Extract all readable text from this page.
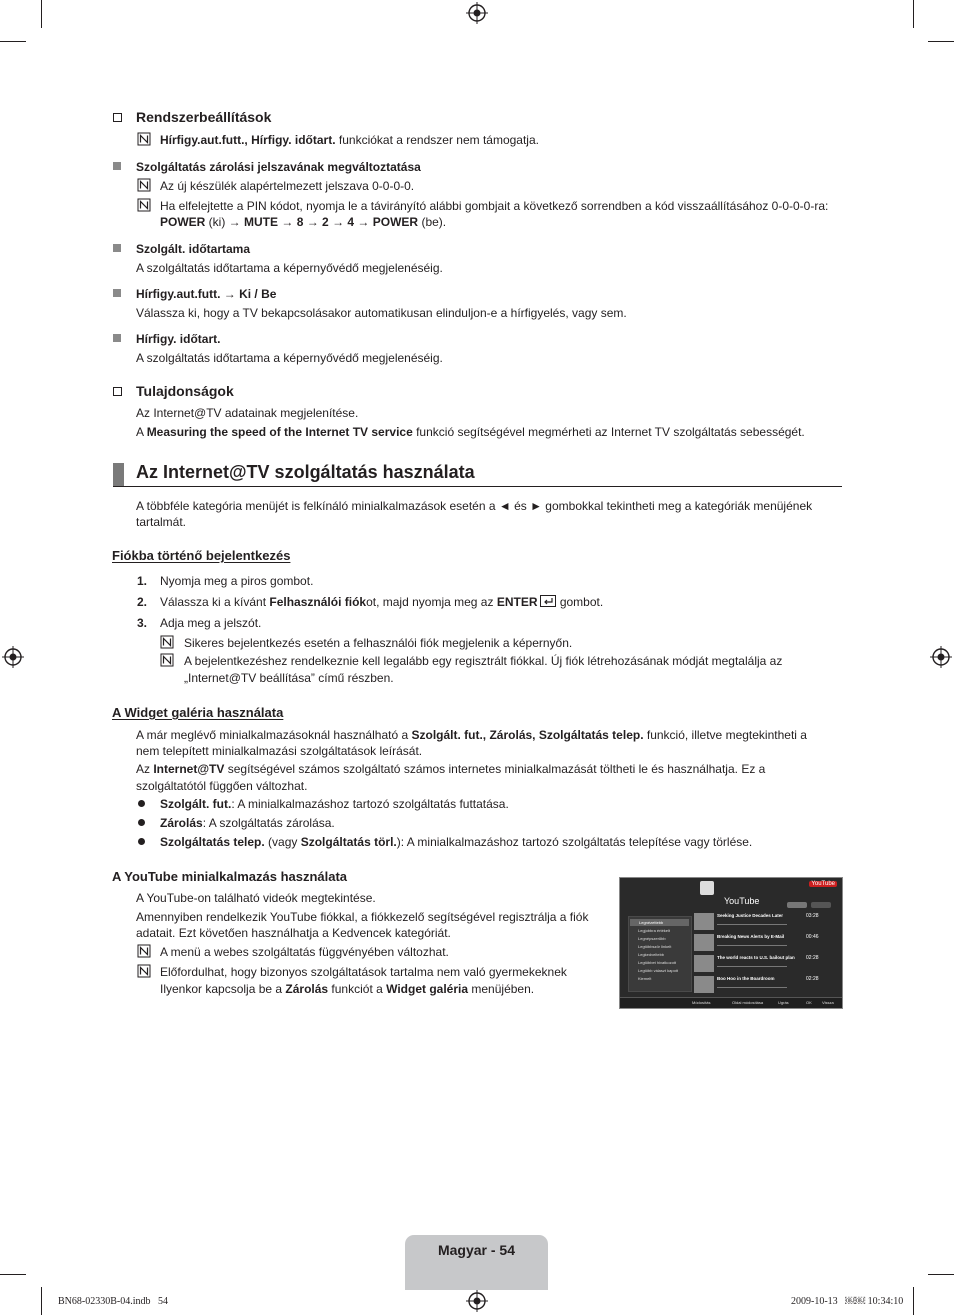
Rendszerbeállítások
Hírfigy.aut.futt., Hírfigy. időtart. funkciókat a rendszer nem támogatja.
Szolgáltatás zárolási jelszavának megváltoztatása
Az új készülék alapértelmezett jelszava 0-0-0-0.
Ha elfelejtette a PIN kódot, nyomja le a távirányító alábbi gombjait a következő sorrendben a kód visszaállításához 0-0-0-0-ra:
POWER (ki) → MUTE → 8 → 2 → 4 → POWER (be).
Szolgált. időtartama
A szolgáltatás időtartama a képernyővédő megjelenéséig.
Hírfigy.aut.futt. → Ki / Be
Válassza ki, hogy a TV bekapcsolásakor automatikusan elinduljon-e a hírfigyelés, vagy sem.
Hírfigy. időtart.
A szolgáltatás időtartama a képernyővédő megjelenéséig.
Tulajdonságok
Az Internet@TV adatainak megjelenítése.
A Measuring the speed of the Internet TV service funkció segítségével megmérheti az Internet TV szolgáltatás sebességét.
Az Internet@TV szolgáltatás használata
A többféle kategória menüjét is felkínáló minialkalmazások esetén a ◄ és ► gombokkal tekintheti meg a kategóriák menüjének
tartalmát.
Fiókba történő bejelentkezés
1. Nyomja meg a piros gombot.
2. Válassza ki a kívánt Felhasználói fiókot, majd nyomja meg az ENTER gombot.
3. Adja meg a jelszót.
Sikeres bejelentkezés esetén a felhasználói fiók megjelenik a képernyőn.
A bejelentkezéshez rendelkeznie kell legalább egy regisztrált fiókkal. Új fiók létrehozásának módját megtalálja az
„Internet@TV beállítása” című részben.
A Widget galéria használata
A már meglévő minialkalmazásoknál használható a Szolgált. fut., Zárolás, Szolgáltatás telep. funkció, illetve megtekintheti a
nem telepített minialkalmazási szolgáltatások leírását.
Az Internet@TV segítségével számos szolgáltató számos internetes minialkalmazását töltheti le és használhatja. Ez a
szolgáltatótól függően változhat.
Szolgált. fut.: A minialkalmazáshoz tartozó szolgáltatás futtatása.
Zárolás: A szolgáltatás zárolása.
Szolgáltatás telep. (vagy Szolgáltatás törl.): A minialkalmazáshoz tartozó szolgáltatás telepítése vagy törlése.
A YouTube minialkalmazás használata
A YouTube-on található videók megtekintése.
Amennyiben rendelkezik YouTube fiókkal, a fiókkezelő segítségével regisztrálja a fiók
adatait. Ezt követően használhatja a Kedvencek kategóriát.
A menü a webes szolgáltatás függvényében változhat.
Előfordulhat, hogy bizonyos szolgáltatások tartalma nem való gyermekeknek
Ilyenkor kapcsolja be a Zárolás funkciót a Widget galéria menüjében.
YouTube
YouTube
Legnézettebb
Legjobbra értékelt
Legnépszerűbb
Legtöbbször linkelt
Legkedveltebb
Legtöbbet hivatkozott
Legtöbb választ kapott
Kiemelt
Seeking Justice Decades Later	03:28
Breaking News Alerts by E-Mail	00:46
The world reacts to U.S. bailout plan 02:28
Boo Hoo in the Boardroom	02:28
Módosítás	Oldal módosítása	Ugrás	OK	Vissza
Magyar - 54
BN68-02330B-04.indb   54	2009-10-13   ￼￼ 10:34:10
